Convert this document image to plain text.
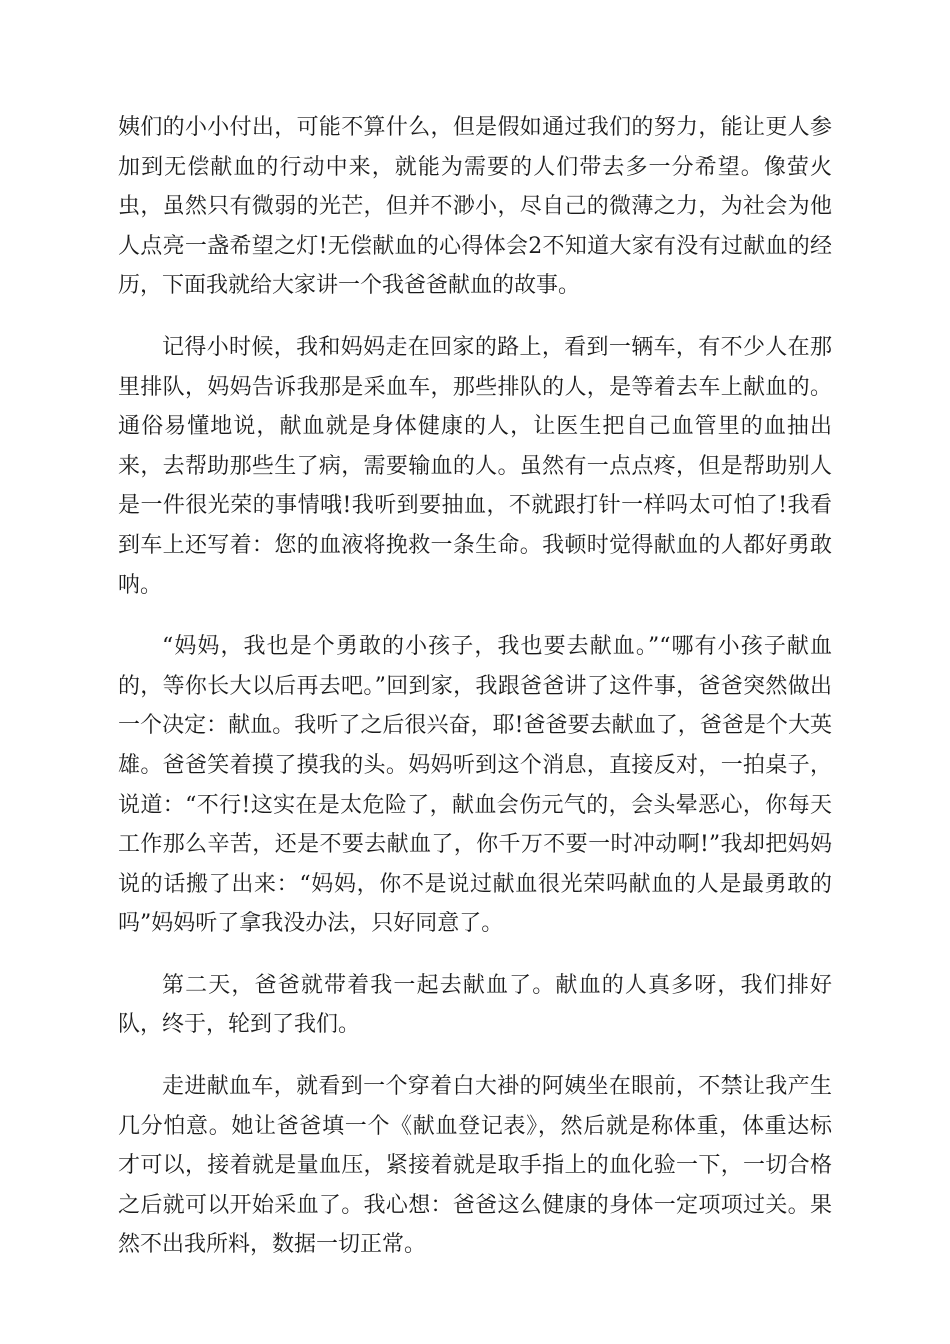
姨们的小小付出，可能不算什么，但是假如通过我们的努力，能让更人参加到无偿献血的行动中来，就能为需要的人们带去多一分希望。像萤火虫，虽然只有微弱的光芒，但并不渺小，尽自己的微薄之力，为社会为他人点亮一盏希望之灯!无偿献血的心得体会2不知道大家有没有过献血的经历，下面我就给大家讲一个我爸爸献血的故事。

记得小时候，我和妈妈走在回家的路上，看到一辆车，有不少人在那里排队，妈妈告诉我那是采血车，那些排队的人，是等着去车上献血的。通俗易懂地说，献血就是身体健康的人，让医生把自己血管里的血抽出来，去帮助那些生了病，需要输血的人。虽然有一点点疼，但是帮助别人是一件很光荣的事情哦!我听到要抽血，不就跟打针一样吗太可怕了!我看到车上还写着：您的血液将挽救一条生命。我顿时觉得献血的人都好勇敢呐。

“妈妈，我也是个勇敢的小孩子，我也要去献血。”“哪有小孩子献血的，等你长大以后再去吧。”回到家，我跟爸爸讲了这件事，爸爸突然做出一个决定：献血。我听了之后很兴奋，耶!爸爸要去献血了，爸爸是个大英雄。爸爸笑着摸了摸我的头。妈妈听到这个消息，直接反对，一拍桌子，说道：“不行!这实在是太危险了，献血会伤元气的，会头晕恶心，你每天工作那么辛苦，还是不要去献血了，你千万不要一时冲动啊!”我却把妈妈说的话搬了出来：“妈妈，你不是说过献血很光荣吗献血的人是最勇敢的吗”妈妈听了拿我没办法，只好同意了。

第二天，爸爸就带着我一起去献血了。献血的人真多呀，我们排好队，终于，轮到了我们。

走进献血车，就看到一个穿着白大褂的阿姨坐在眼前，不禁让我产生几分怕意。她让爸爸填一个《献血登记表》，然后就是称体重，体重达标才可以，接着就是量血压，紧接着就是取手指上的血化验一下，一切合格之后就可以开始采血了。我心想：爸爸这么健康的身体一定项项过关。果然不出我所料，数据一切正常。
